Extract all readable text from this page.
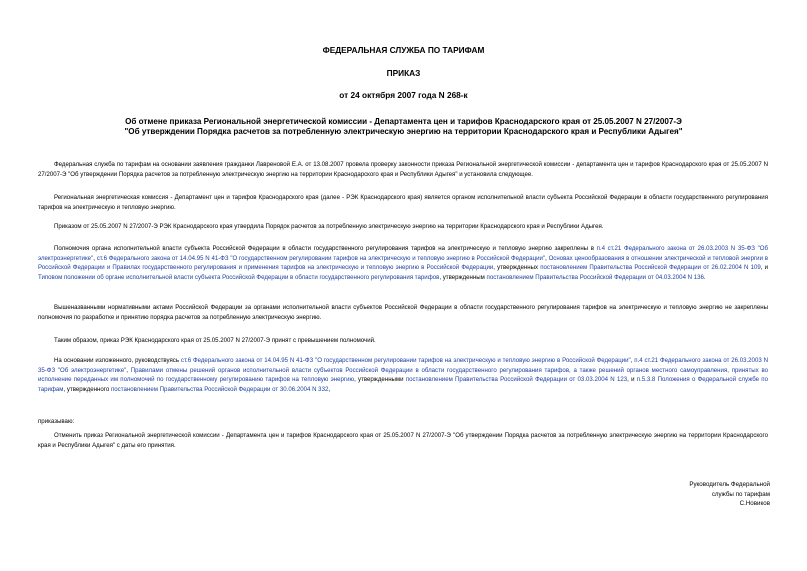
ФЕДЕРАЛЬНАЯ СЛУЖБА ПО ТАРИФАМ
ПРИКАЗ
от 24 октября 2007 года N 268-к
Об отмене приказа Региональной энергетической комиссии - Департамента цен и тарифов Краснодарского края от 25.05.2007 N 27/2007-Э
"Об утверждении Порядка расчетов за потребленную электрическую энергию на территории Краснодарского края и Республики Адыгея"
Федеральная служба по тарифам на основании заявления гражданки Лавреновой Е.А. от 13.08.2007 провела проверку законности приказа Региональной энергетической комиссии - департамента цен и тарифов Краснодарского края от 25.05.2007 N 27/2007-Э "Об утверждении Порядка расчетов за потребленную электрическую энергию на территории Краснодарского края и Республики Адыгея" и установила следующее.
Региональная энергетическая комиссия - Департамент цен и тарифов Краснодарского края (далее - РЭК Краснодарского края) является органом исполнительной власти субъекта Российской Федерации в области государственного регулирования тарифов на электрическую и тепловую энергию.
Приказом от 25.05.2007 N 27/2007-Э РЭК Краснодарского края утвердила Порядок расчетов за потребленную электрическую энергию на территории Краснодарского края и Республики Адыгея.
Полномочия органа исполнительной власти субъекта Российской Федерации в области государственного регулирования тарифов на электрическую и тепловую энергию закреплены в п.4 ст.21 Федерального закона от 26.03.2003 N 35-ФЗ "Об электроэнергетике", ст.6 Федерального закона от 14.04.95 N 41-ФЗ "О государственном регулировании тарифов на электрическую и тепловую энергию в Российской Федерации", Основах ценообразования в отношении электрической и тепловой энергии в Российской Федерации и Правилах государственного регулирования и применения тарифов на электрическую и тепловую энергию в Российской Федерации, утвержденных постановлением Правительства Российской Федерации от 26.02.2004 N 109, и Типовом положении об органе исполнительной власти субъекта Российской Федерации в области государственного регулирования тарифов, утвержденным постановлением Правительства Российской Федерации от 04.03.2004 N 136.
Вышеназванными нормативными актами Российской Федерации за органами исполнительной власти субъектов Российской Федерации в области государственного регулирования тарифов на электрическую и тепловую энергию не закреплены полномочия по разработке и принятию порядка расчетов за потребленную электрическую энергию.
Таким образом, приказ РЭК Краснодарского края от 25.05.2007 N 27/2007-Э принят с превышением полномочий.
На основании изложенного, руководствуясь ст.6 Федерального закона от 14.04.95 N 41-ФЗ "О государственном регулировании тарифов на электрическую и тепловую энергию в Российской Федерации", п.4 ст.21 Федерального закона от 26.03.2003 N 35-ФЗ "Об электроэнергетике", Правилами отмены решений органов исполнительной власти субъектов Российской Федерации в области государственного регулирования тарифов, а также решений органов местного самоуправления, принятых во исполнение переданных им полномочий по государственному регулированию тарифов на тепловую энергию, утвержденными постановлением Правительства Российской Федерации от 03.03.2004 N 123, и п.5.3.8 Положения о Федеральной службе по тарифам, утвержденного постановлением Правительства Российской Федерации от 30.06.2004 N 332,
приказываю:
Отменить приказ Региональной энергетической комиссии - Департамента цен и тарифов Краснодарского края от 25.05.2007 N 27/2007-Э "Об утверждении Порядка расчетов за потребленную электрическую энергию на территории Краснодарского края и Республики Адыгея" с даты его принятия.
Руководитель Федеральной
службы по тарифам
С.Новиков
